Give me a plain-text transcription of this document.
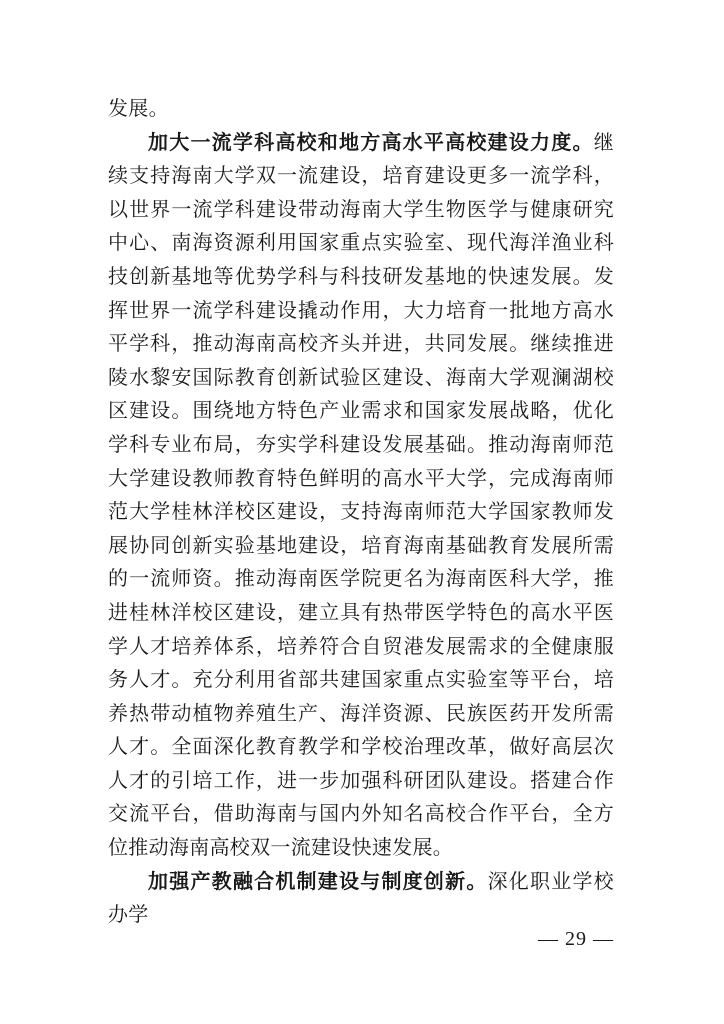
发展。
加大一流学科高校和地方高水平高校建设力度。继续支持海南大学双一流建设，培育建设更多一流学科，以世界一流学科建设带动海南大学生物医学与健康研究中心、南海资源利用国家重点实验室、现代海洋渔业科技创新基地等优势学科与科技研发基地的快速发展。发挥世界一流学科建设撬动作用，大力培育一批地方高水平学科，推动海南高校齐头并进，共同发展。继续推进陵水黎安国际教育创新试验区建设、海南大学观澜湖校区建设。围绕地方特色产业需求和国家发展战略，优化学科专业布局，夯实学科建设发展基础。推动海南师范大学建设教师教育特色鲜明的高水平大学，完成海南师范大学桂林洋校区建设，支持海南师范大学国家教师发展协同创新实验基地建设，培育海南基础教育发展所需的一流师资。推动海南医学院更名为海南医科大学，推进桂林洋校区建设，建立具有热带医学特色的高水平医学人才培养体系，培养符合自贸港发展需求的全健康服务人才。充分利用省部共建国家重点实验室等平台，培养热带动植物养殖生产、海洋资源、民族医药开发所需人才。全面深化教育教学和学校治理改革，做好高层次人才的引培工作，进一步加强科研团队建设。搭建合作交流平台，借助海南与国内外知名高校合作平台，全方位推动海南高校双一流建设快速发展。
加强产教融合机制建设与制度创新。深化职业学校办学
— 29 —
